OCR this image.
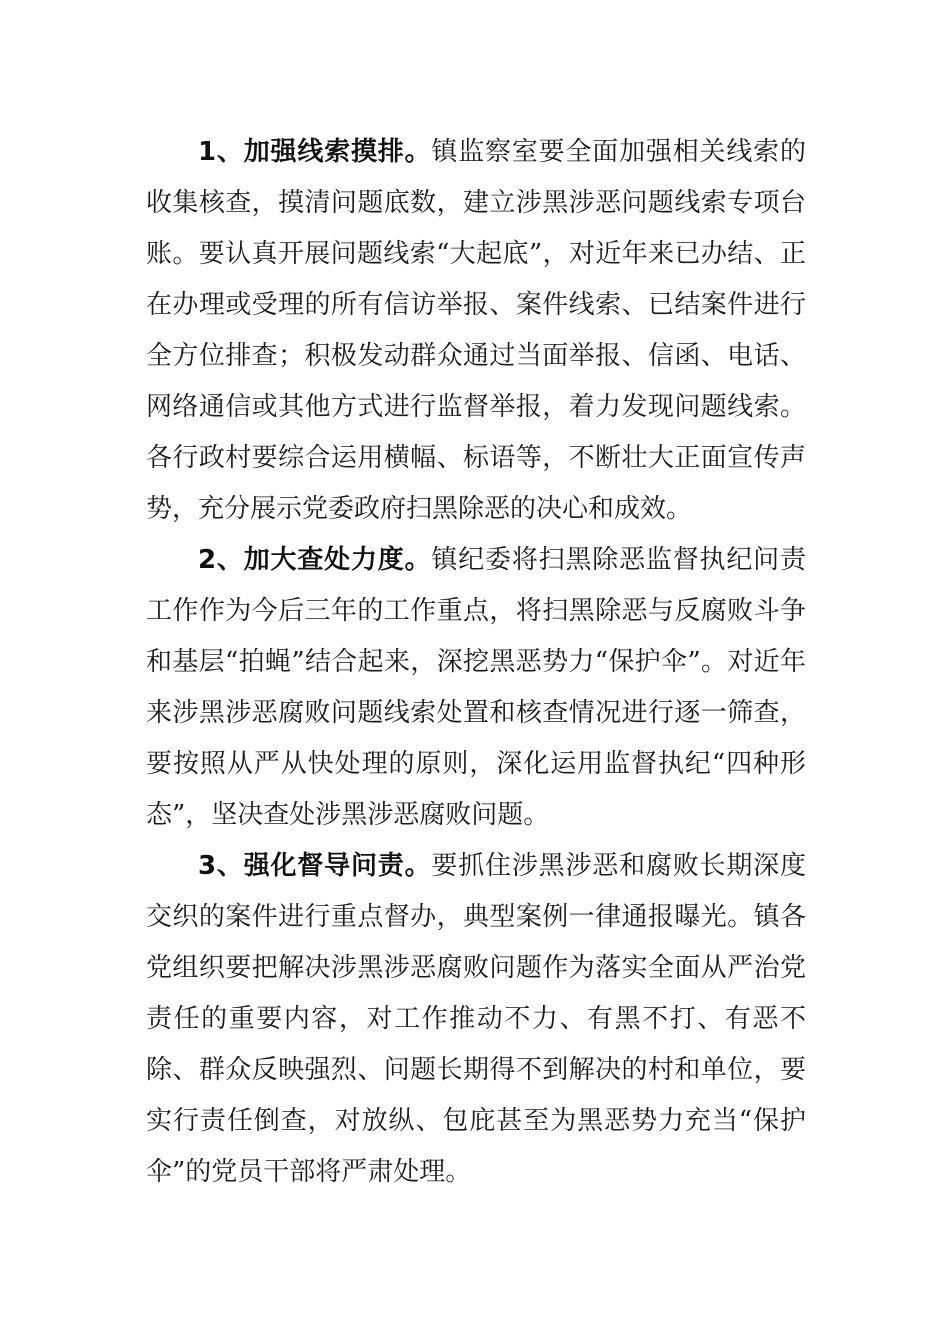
1、加强线索摸排。镇监察室要全面加强相关线索的收集核查，摸清问题底数，建立涉黑涉恶问题线索专项台账。要认真开展问题线索“大起底”，对近年来已办结、正在办理或受理的所有信访举报、案件线索、已结案件进行全方位排查；积极发动群众通过当面举报、信函、电话、网络通信或其他方式进行监督举报，着力发现问题线索。各行政村要综合运用横幅、标语等，不断壮大正面宣传声势，充分展示党委政府扫黑除恶的决心和成效。

2、加大查处力度。镇纪委将扫黑除恶监督执纪问责工作作为今后三年的工作重点，将扫黑除恶与反腐败斗争和基层“拍蝇”结合起来，深挖黑恶势力“保护伞”。对近年来涉黑涉恶腐败问题线索处置和核查情况进行逐一筛查，要按照从严从快处理的原则，深化运用监督执纪“四种形态”，坚决查处涉黑涉恶腐败问题。

3、强化督导问责。要抓住涉黑涉恶和腐败长期深度交织的案件进行重点督办，典型案例一律通报曝光。镇各党组织要把解决涉黑涉恶腐败问题作为落实全面从严治党责任的重要内容，对工作推动不力、有黑不打、有恶不除、群众反映强烈、问题长期得不到解决的村和单位，要实行责任倒查，对放纵、包庇甚至为黑恶势力充当“保护伞”的党员干部将严肃处理。
